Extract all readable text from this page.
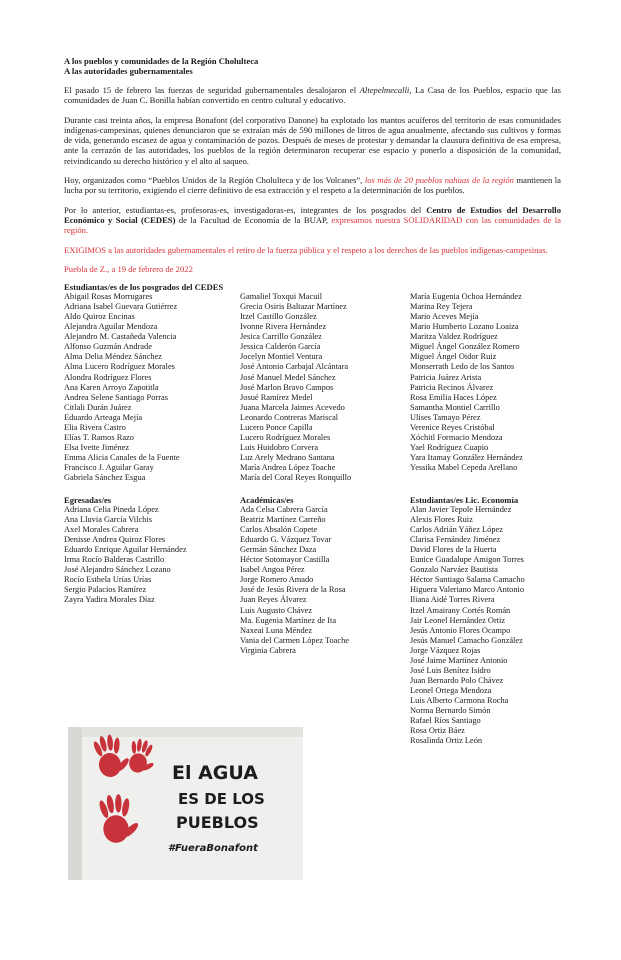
A los pueblos y comunidades de la Región Cholulteca

A las autoridades gubernamentales

El pasado 15 de febrero las fuerzas de seguridad gubernamentales desalojaron el Altepelmecalli, La Casa de los Pueblos, espacio que las comunidades de Juan C. Bonilla habían convertido en centro cultural y educativo.

Durante casi treinta años, la empresa Bonafont (del corporativo Danone) ha explotado los mantos acuíferos del territorio de esas comunidades indígenas-campesinas, quienes denunciaron que se extraían más de 590 millones de litros de agua anualmente, afectando sus cultivos y formas de vida, generando escasez de agua y contaminación de pozos. Después de meses de protestar y demandar la clausura definitiva de esa empresa, ante la cerrazón de las autoridades, los pueblos de la región determinaron recuperar ese espacio y ponerlo a disposición de la comunidad, reivindicando su derecho histórico y el alto al saqueo.

Hoy, organizados como “Pueblos Unidos de la Región Cholulteca y de los Volcanes”, los más de 20 pueblos nahuas de la región mantienen la lucha por su territorio, exigiendo el cierre definitivo de esa extracción y el respeto a la determinación de los pueblos.

Por lo anterior, estudiantas-es, profesoras-es, investigadoras-es, integrantes de los posgrados del Centro de Estudios del Desarrollo Económico y Social (CEDES) de la Facultad de Economía de la BUAP, expresamos nuestra SOLIDARIDAD con las comunidades de la región.

EXIGIMOS a las autoridades gubernamentales el retiro de la fuerza pública y el respeto a los derechos de las pueblos indígenas-campesinas.

Puebla de Z., a 19 de febrero de 2022

Estudiantas/es de los posgrados del CEDES
Abigail Rosas Morrugares
Adriana Isabel Guevara Gutiérrez
Aldo Quiroz Encinas
Alejandra Aguilar Mendoza
Alejandro M. Castañeda Valencia
Alfonso Guzmán Andrade
Alma Delia Méndez Sánchez
Alma Lucero Rodríguez Morales
Alondra Rodríguez Flores
Ana Karen Arroyo Zapotitla
Andrea Selene Santiago Porras
Citlali Durán Juárez
Eduardo Arteaga Mejía
Elia Rivera Castro
Elías T. Ramos Razo
Elsa Ivette Jiménez
Emma Alicia Canales de la Fuente
Francisco J. Aguilar Garay
Gabriela Sánchez Esgua
Gamaliel Toxqui Macuil
Grecia Osiris Baltazar Martínez
Itzel Castillo González
Ivonne Rivera Hernández
Jesica Carrillo González
Jessica Calderón García
Jocelyn Montiel Ventura
José Antonio Carbajal Alcántara
José Manuel Medel Sánchez
José Marlon Bravo Campos
Josué Ramírez Medel
Juana Marcela Jaimes Acevedo
Leonardo Contreras Mariscal
Lucero Ponce Capilla
Lucero Rodríguez Morales
Luis Huidobro Corvera
Luz Arely Medrano Santana
María Andrea López Toache
María del Coral Reyes Ronquillo
María Eugenia Ochoa Hernández
Marina Rey Tejera
Mario Aceves Mejía
Mario Humberto Lozano Loaiza
Maritza Valdez Rodríguez
Miguel Ángel González Romero
Miguel Ángel Oidor Ruiz
Monserrath Ledo de los Santos
Patricia Juárez Arista
Patricia Recinos Álvarez
Rosa Emilia Haces López
Samantha Montiel Carrillo
Ulises Tamayo Pérez
Verenice Reyes Cristóbal
Xóchitl Formacio Mendoza
Yael Rodríguez Cuapio
Yara Itamay González Hernández
Yessika Mabel Cepeda Arellano
Egresadas/es
Adriana Celia Pineda López
Ana Lluvia García Vilchis
Axel Morales Cabrera
Denisse Andrea Quiroz Flores
Eduardo Enrique Aguilar Hernández
Irma Rocío Balderas Castrillo
José Alejandro Sánchez Lozano
Rocío Esthela Urías Urías
Sergio Palacios Ramírez
Zayra Yadira Morales Díaz
Académicas/es
Ada Celsa Cabrera García
Beatriz Martínez Carreño
Carlos Absalón Copete
Eduardo G. Vázquez Tovar
Germán Sánchez Daza
Héctor Sotomayor Castilla
Isabel Angoa Pérez
Jorge Romero Amado
José de Jesús Rivera de la Rosa
Juan Reyes Álvarez
Luis Augusto Chávez
Ma. Eugenia Martínez de Ita
Naxeai Luna Méndez
Vania del Carmen López Toache
Virginia Cabrera
Estudiantas/es Lic. Economía
Alan Javier Tepole Hernández
Alexis Flores Ruiz
Carlos Adrián Yáñez López
Clarisa Fernández Jiménez
David Flores de la Huerta
Eunice Guadalupe Amigon Torres
Gonzalo Narváez Bautista
Héctor Santiago Salama Camacho
Higuera Valeriano Marco Antonio
Iliana Aidé Torres Rivera
Itzel Amairany Cortés Román
Jair Leonel Hernández Ortiz
Jesús Antonio Flores Ocampo
Jesús Manuel Camacho González
Jorge Vázquez Rojas
José Jaime Martínez Antonio
José Luis Benítez Isidro
Juan Bernardo Polo Chávez
Leonel Ortega Mendoza
Luis Alberto Carmona Rocha
Norma Bernardo Simón
Rafael Ríos Santiago
Rosa Ortiz Báez
Rosalinda Ortiz León
El AGUA
ES DE LOS
PUEBLOS
#FueraBonafont
